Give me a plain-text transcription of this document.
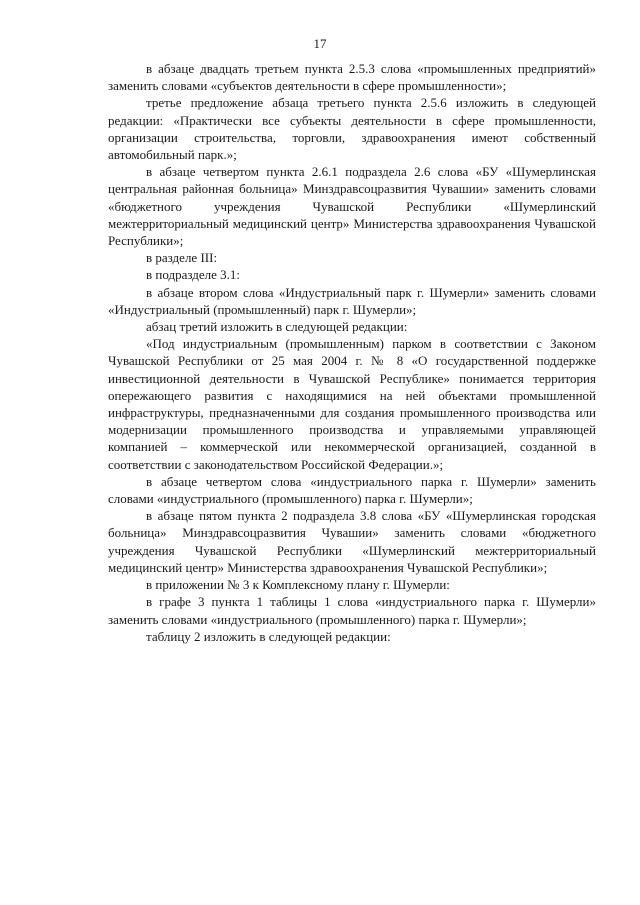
17

в абзаце двадцать третьем пункта 2.5.3 слова «промышленных предприятий» заменить словами «субъектов деятельности в сфере промышленности»;

третье предложение абзаца третьего пункта 2.5.6 изложить в следующей редакции: «Практически все субъекты деятельности в сфере промышленности, организации строительства, торговли, здравоохранения имеют собственный автомобильный парк.»;

в абзаце четвертом пункта 2.6.1 подраздела 2.6 слова «БУ «Шумерлинская центральная районная больница» Минздравсоцразвития Чувашии» заменить словами «бюджетного учреждения Чувашской Республики «Шумерлинский межтерриториальный медицинский центр» Министерства здравоохранения Чувашской Республики»;

в разделе III:

в подразделе 3.1:

в абзаце втором слова «Индустриальный парк г. Шумерли» заменить словами «Индустриальный (промышленный) парк г. Шумерли»;

абзац третий изложить в следующей редакции:

«Под индустриальным (промышленным) парком в соответствии с Законом Чувашской Республики от 25 мая 2004 г. № 8 «О государственной поддержке инвестиционной деятельности в Чувашской Республике» понимается территория опережающего развития с находящимися на ней объектами промышленной инфраструктуры, предназначенными для создания промышленного производства или модернизации промышленного производства и управляемыми управляющей компанией – коммерческой или некоммерческой организацией, созданной в соответствии с законодательством Российской Федерации.»;

в абзаце четвертом слова «индустриального парка г. Шумерли» заменить словами «индустриального (промышленного) парка г. Шумерли»;

в абзаце пятом пункта 2 подраздела 3.8 слова «БУ «Шумерлинская городская больница» Минздравсоцразвития Чувашии» заменить словами «бюджетного учреждения Чувашской Республики «Шумерлинский межтерриториальный медицинский центр» Министерства здравоохранения Чувашской Республики»;

в приложении № 3 к Комплексному плану г. Шумерли:

в графе 3 пункта 1 таблицы 1 слова «индустриального парка г. Шумерли» заменить словами «индустриального (промышленного) парка г. Шумерли»;

таблицу 2 изложить в следующей редакции:
